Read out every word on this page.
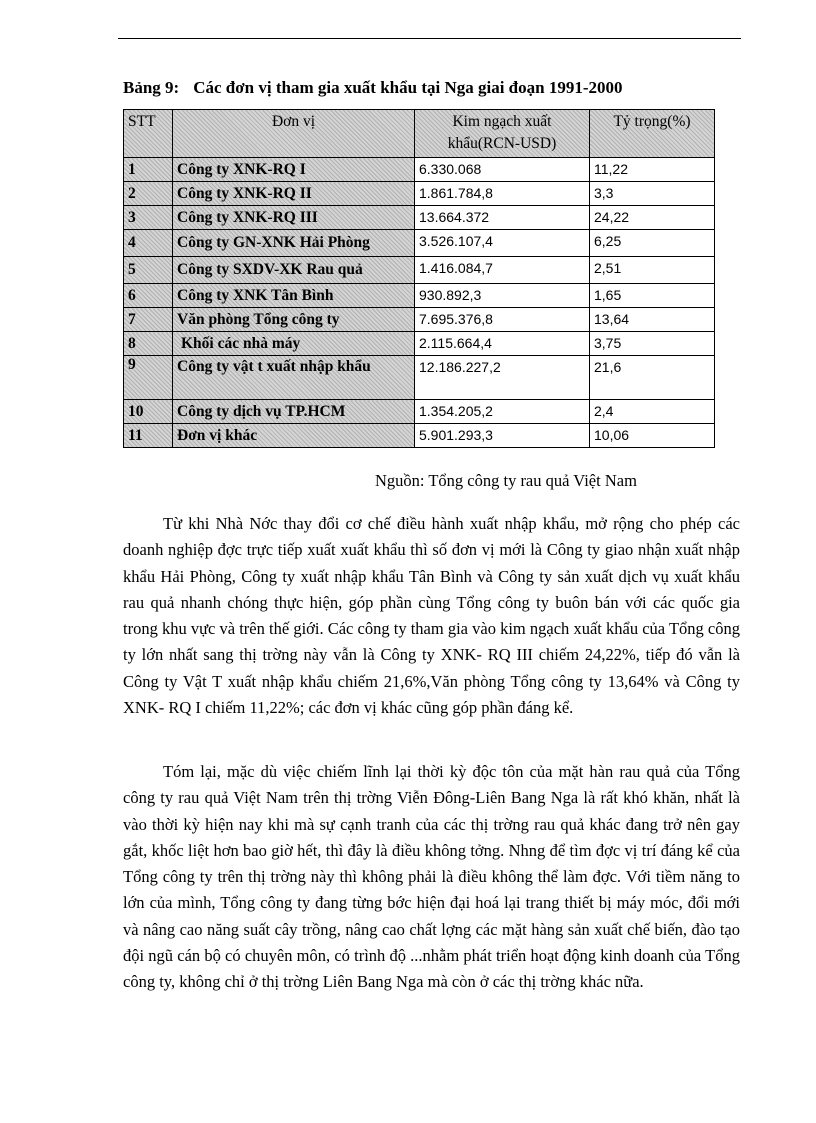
Bảng 9: Các đơn vị tham gia xuất khẩu tại Nga giai đoạn 1991-2000
STT	Đơn vị	Kim ngạch xuất khẩu(RCN-USD)	Tỷ trọng(%)
1	Công ty XNK-RQ I	6.330.068	11,22
2	Công ty XNK-RQ II	1.861.784,8	3,3
3	Công ty XNK-RQ III	13.664.372	24,22
4	Công ty GN-XNK Hải Phòng	3.526.107,4	6,25
5	Công ty SXDV-XK Rau quả	1.416.084,7	2,51
6	Công ty XNK Tân Bình	930.892,3	1,65
7	Văn phòng Tổng công ty	7.695.376,8	13,64
8	Khối các nhà máy	2.115.664,4	3,75
9	Công ty vật t xuất nhập khẩu	12.186.227,2	21,6
10	Công ty dịch vụ TP.HCM	1.354.205,2	2,4
11	Đơn vị khác	5.901.293,3	10,06
Nguồn: Tổng công ty rau quả Việt Nam

Từ khi Nhà Nớc thay đổi cơ chế điều hành xuất nhập khẩu, mở rộng cho phép các doanh nghiệp đợc trực tiếp xuất xuất khẩu thì số đơn vị mới là Công ty giao nhận xuất nhập khẩu Hải Phòng, Công ty xuất nhập khẩu Tân Bình và Công ty sản xuất dịch vụ xuất khẩu rau quả nhanh chóng thực hiện, góp phần cùng Tổng công ty buôn bán với các quốc gia trong khu vực và trên thế giới. Các công ty tham gia vào kim ngạch xuất khẩu của Tổng công ty lớn nhất sang thị trờng này vẫn là Công ty XNK- RQ III chiếm 24,22%, tiếp đó vẫn là Công ty Vật T xuất nhập khẩu chiếm 21,6%,Văn phòng Tổng công ty 13,64% và Công ty XNK- RQ I chiếm 11,22%; các đơn vị khác cũng góp phần đáng kể.

Tóm lại, mặc dù việc chiếm lĩnh lại thời kỳ độc tôn của mặt hàn rau quả của Tổng công ty rau quả Việt Nam trên thị trờng Viễn Đông-Liên Bang Nga là rất khó khăn, nhất là vào thời kỳ hiện nay khi mà sự cạnh tranh của các thị trờng rau quả khác đang trở nên gay gắt, khốc liệt hơn bao giờ hết, thì đây là điều không tởng. Nhng để tìm đợc vị trí đáng kể của Tổng công ty trên thị trờng này thì không phải là điều không thể làm đợc. Với tiềm năng to lớn của mình, Tổng công ty đang từng bớc hiện đại hoá lại trang thiết bị máy móc, đổi mới và nâng cao năng suất cây trồng, nâng cao chất lợng các mặt hàng sản xuất chế biến, đào tạo đội ngũ cán bộ có chuyên môn, có trình độ ...nhằm phát triển hoạt động kinh doanh của Tổng công ty, không chỉ ở thị trờng Liên Bang Nga mà còn ở các thị trờng khác nữa.
